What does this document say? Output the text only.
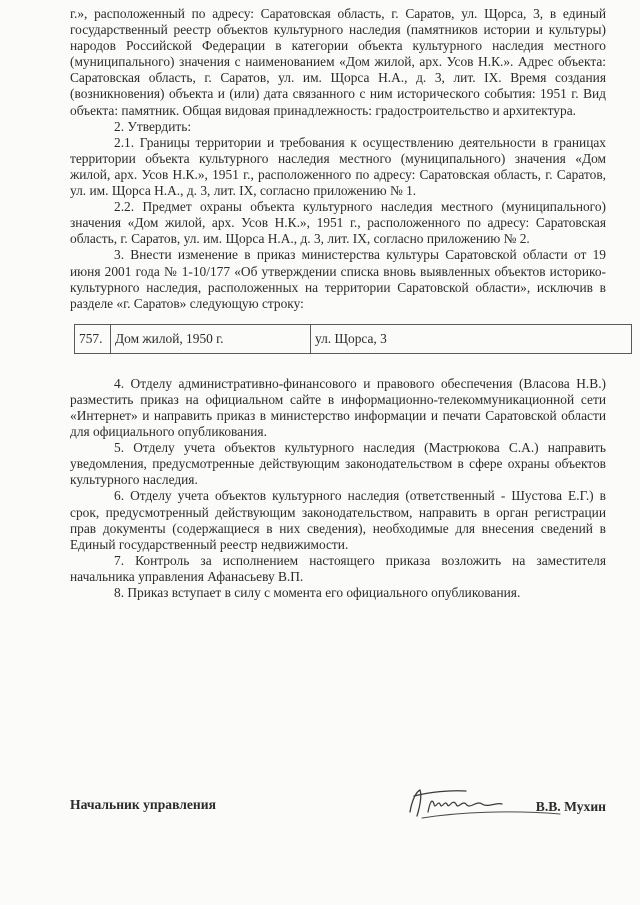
г.», расположенный по адресу: Саратовская область, г. Саратов, ул. Щорса, 3, в единый государственный реестр объектов культурного наследия (памятников истории и культуры) народов Российской Федерации в категории объекта культурного наследия местного (муниципального) значения с наименованием «Дом жилой, арх. Усов Н.К.». Адрес объекта: Саратовская область, г. Саратов, ул. им. Щорса Н.А., д. 3, лит. IX. Время создания (возникновения) объекта и (или) дата связанного с ним исторического события: 1951 г. Вид объекта: памятник. Общая видовая принадлежность: градостроительство и архитектура.

2. Утвердить:

2.1. Границы территории и требования к осуществлению деятельности в границах территории объекта культурного наследия местного (муниципального) значения «Дом жилой, арх. Усов Н.К.», 1951 г., расположенного по адресу: Саратовская область, г. Саратов, ул. им. Щорса Н.А., д. 3, лит. IX, согласно приложению № 1.

2.2. Предмет охраны объекта культурного наследия местного (муниципального) значения «Дом жилой, арх. Усов Н.К.», 1951 г., расположенного по адресу: Саратовская область, г. Саратов, ул. им. Щорса Н.А., д. 3, лит. IX, согласно приложению № 2.

3. Внести изменение в приказ министерства культуры Саратовской области от 19 июня 2001 года № 1-10/177 «Об утверждении списка вновь выявленных объектов историко-культурного наследия, расположенных на территории Саратовской области», исключив в разделе «г. Саратов» следующую строку:

757. Дом жилой, 1950 г.	ул. Щорса, 3

4. Отделу административно-финансового и правового обеспечения (Власова Н.В.) разместить приказ на официальном сайте в информационно-телекоммуникационной сети «Интернет» и направить приказ в министерство информации и печати Саратовской области для официального опубликования.

5. Отделу учета объектов культурного наследия (Мастрюкова С.А.) направить уведомления, предусмотренные действующим законодательством в сфере охраны объектов культурного наследия.

6. Отделу учета объектов культурного наследия (ответственный - Шустова Е.Г.) в срок, предусмотренный действующим законодательством, направить в орган регистрации прав документы (содержащиеся в них сведения), необходимые для внесения сведений в Единый государственный реестр недвижимости.

7. Контроль за исполнением настоящего приказа возложить на заместителя начальника управления Афанасьеву В.П.

8. Приказ вступает в силу с момента его официального опубликования.

Начальник управления	В.В. Мухин
